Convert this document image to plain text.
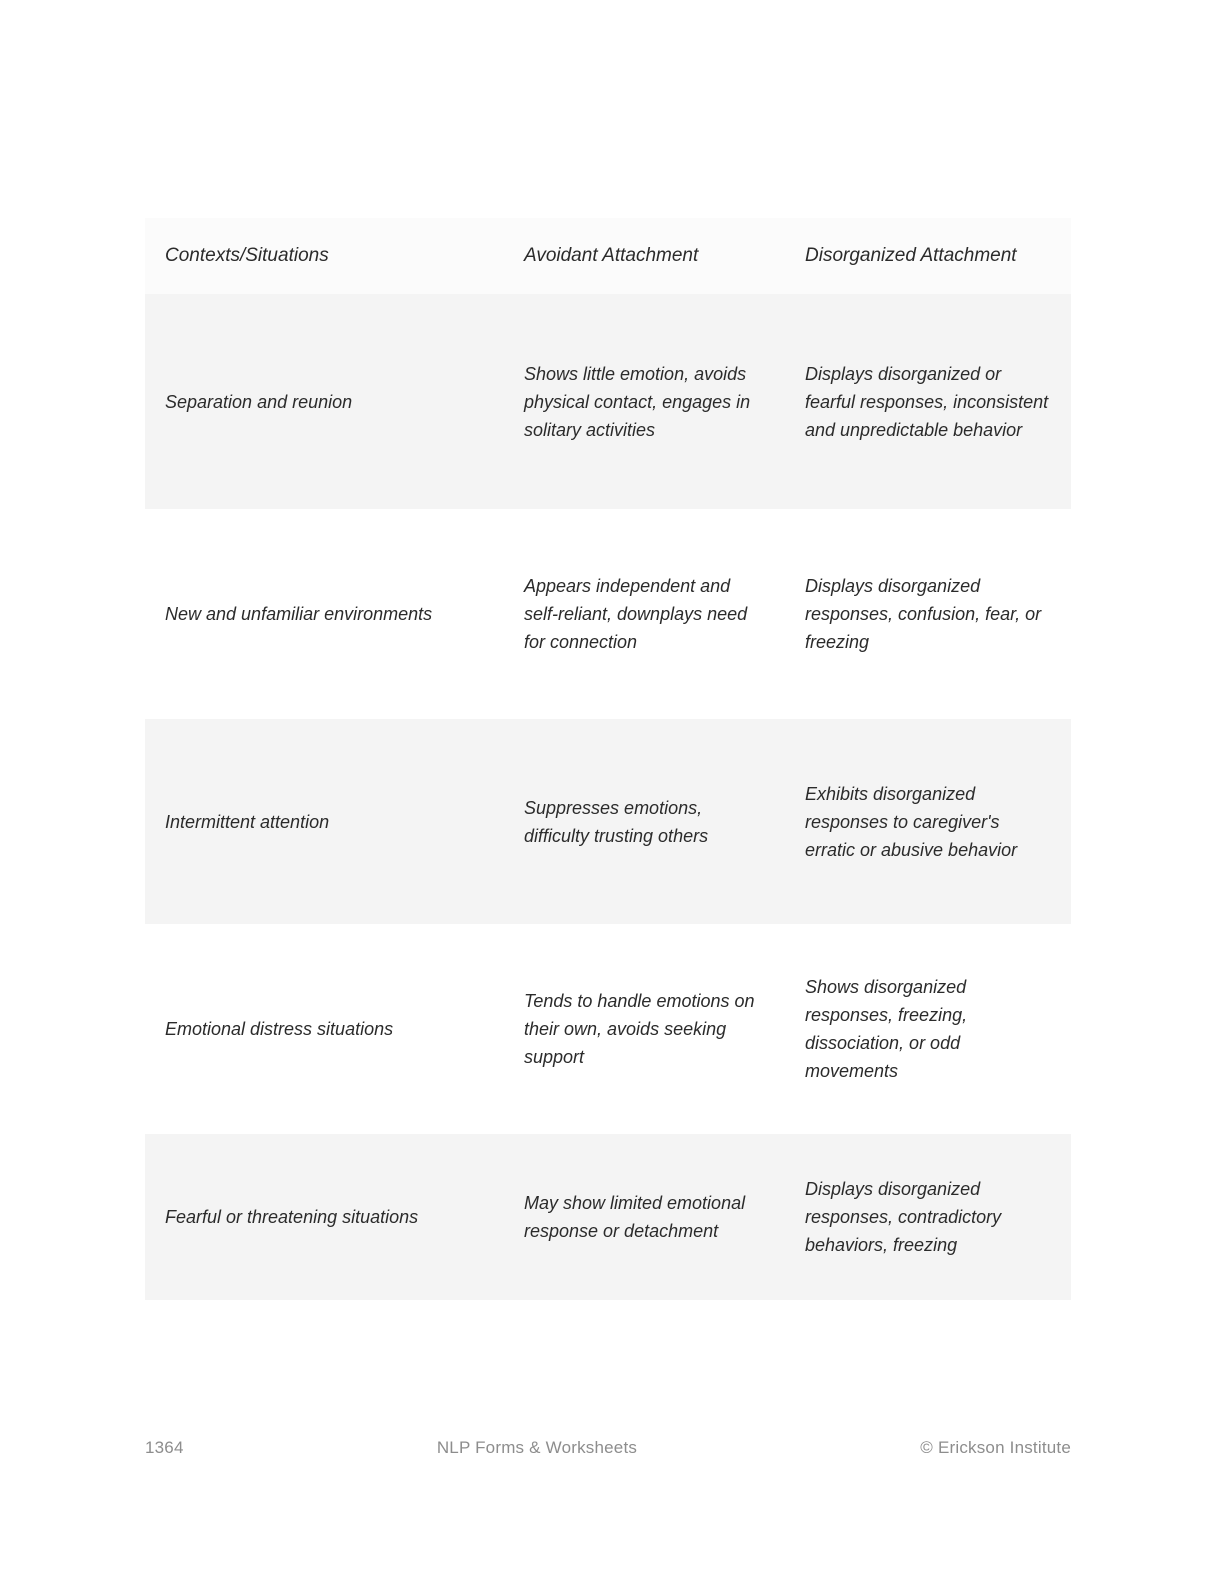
Contexts/Situations	Avoidant Attachment	Disorganized Attachment
Separation and reunion	Shows little emotion, avoids physical contact, engages in solitary activities	Displays disorganized or fearful responses, inconsistent and unpredictable behavior
New and unfamiliar environments	Appears independent and self-reliant, downplays need for connection	Displays disorganized responses, confusion, fear, or freezing
Intermittent attention	Suppresses emotions, difficulty trusting others	Exhibits disorganized responses to caregiver's erratic or abusive behavior
Emotional distress situations	Tends to handle emotions on their own, avoids seeking support	Shows disorganized responses, freezing, dissociation, or odd movements
Fearful or threatening situations	May show limited emotional response or detachment	Displays disorganized responses, contradictory behaviors, freezing
1364	NLP Forms & Worksheets	© Erickson Institute
